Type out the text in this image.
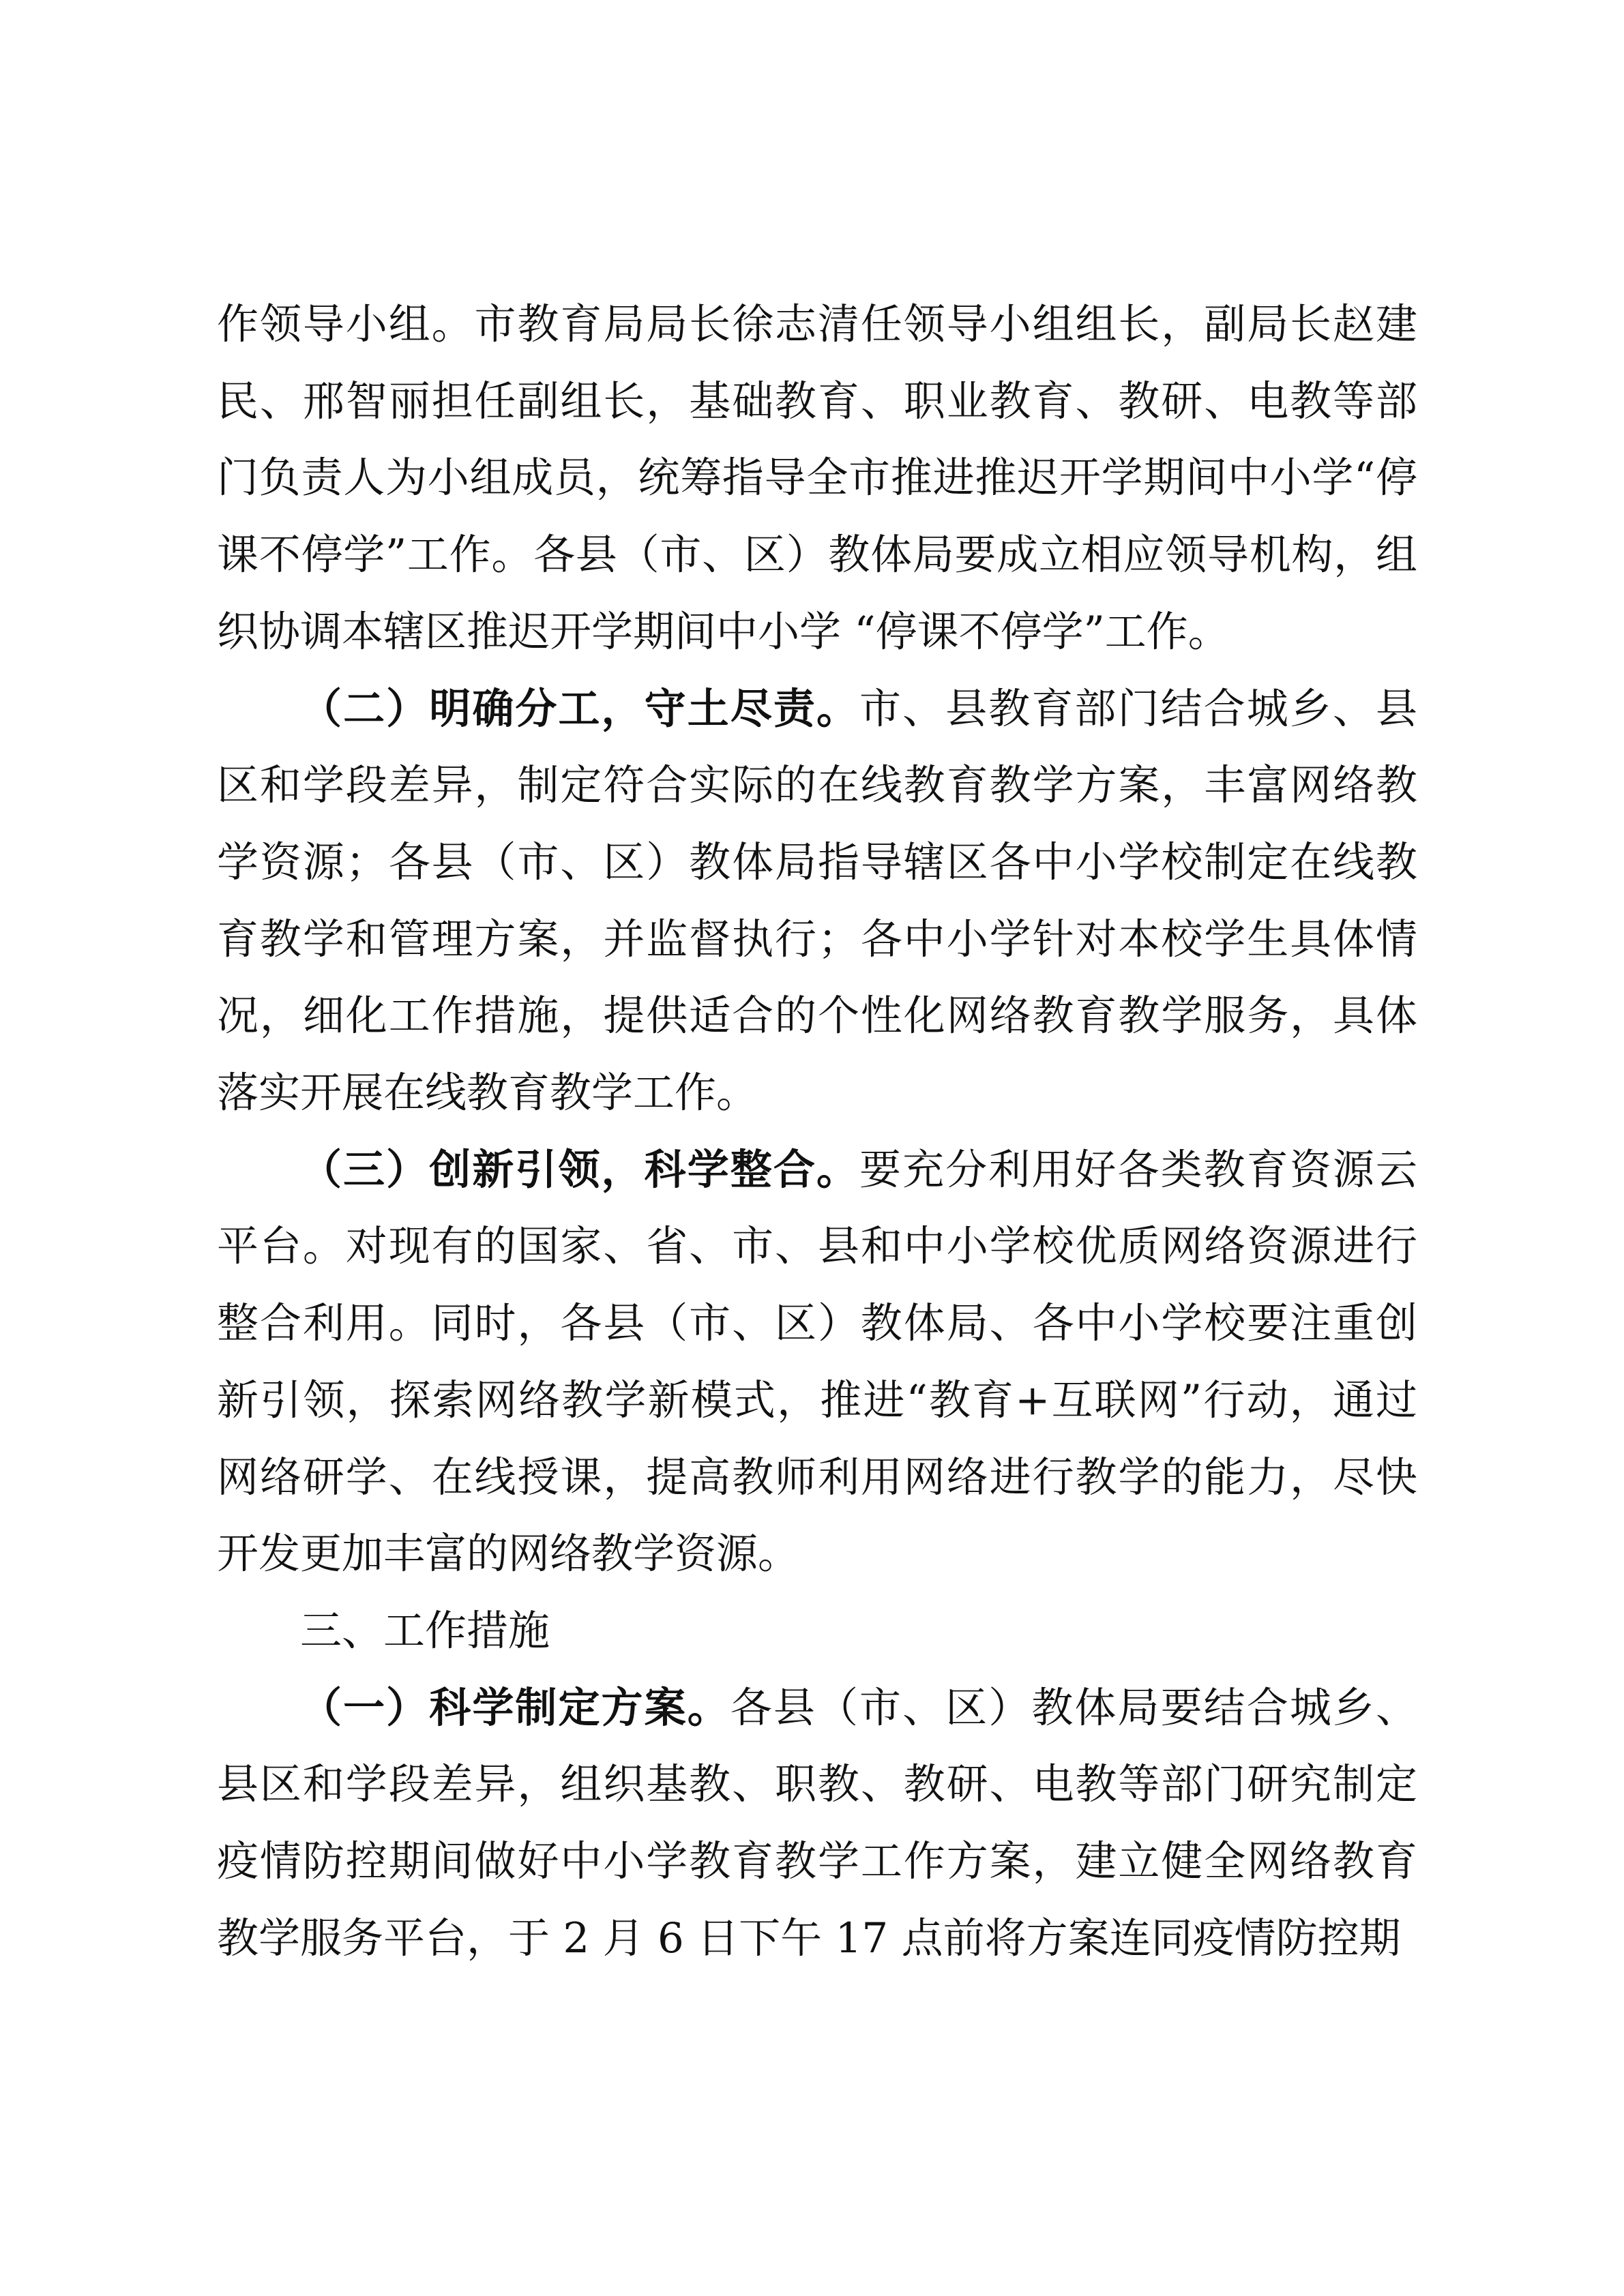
作领导小组。市教育局局长徐志清任领导小组组长，副局长赵建民、邢智丽担任副组长，基础教育、职业教育、教研、电教等部门负责人为小组成员，统筹指导全市推进推迟开学期间中小学“停课不停学”工作。各县（市、区）教体局要成立相应领导机构，组织协调本辖区推迟开学期间中小学 “停课不停学”工作。

（二）明确分工，守土尽责。市、县教育部门结合城乡、县区和学段差异，制定符合实际的在线教育教学方案，丰富网络教学资源；各县（市、区）教体局指导辖区各中小学校制定在线教育教学和管理方案，并监督执行；各中小学针对本校学生具体情况，细化工作措施，提供适合的个性化网络教育教学服务，具体落实开展在线教育教学工作。

（三）创新引领，科学整合。要充分利用好各类教育资源云平台。对现有的国家、省、市、县和中小学校优质网络资源进行整合利用。同时，各县（市、区）教体局、各中小学校要注重创新引领，探索网络教学新模式，推进“教育+互联网”行动，通过网络研学、在线授课，提高教师利用网络进行教学的能力，尽快开发更加丰富的网络教学资源。

三、工作措施

（一）科学制定方案。各县（市、区）教体局要结合城乡、县区和学段差异，组织基教、职教、教研、电教等部门研究制定疫情防控期间做好中小学教育教学工作方案，建立健全网络教育教学服务平台，于 2 月 6 日下午 17 点前将方案连同疫情防控期
